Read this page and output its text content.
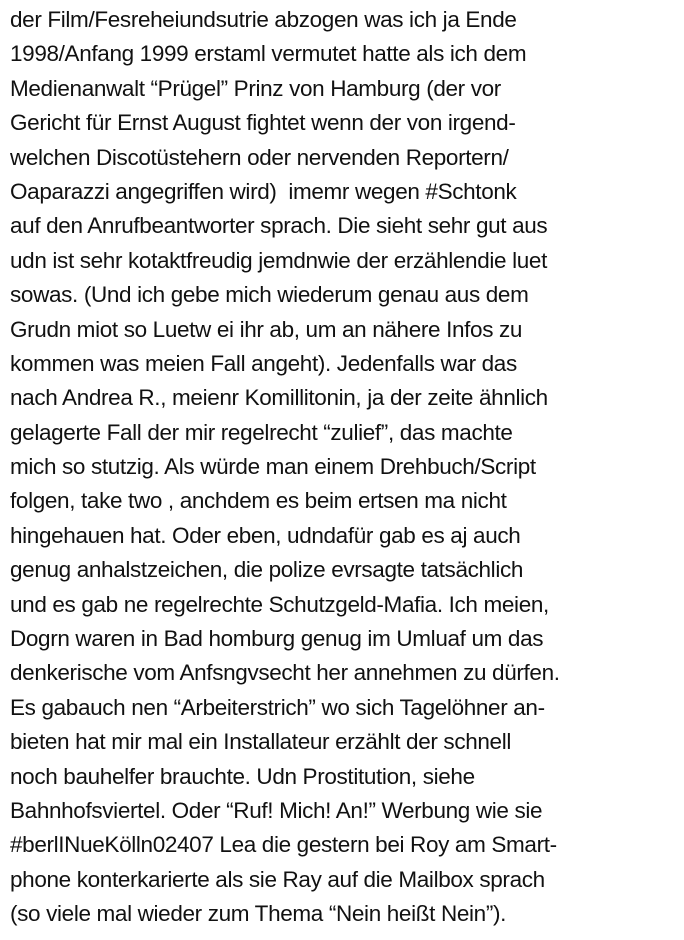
der Film/Fesreheiundsutrie abzogen was ich ja Ende
1998/Anfang 1999 erstaml vermutet hatte als ich dem
Medienanwalt “Prügel” Prinz von Hamburg (der vor
Gericht für Ernst August fightet wenn der von irgend-
welchen Discotüstehern oder nervenden Reportern/
Oaparazzi angegriffen wird)  imemr wegen #Schtonk
auf den Anrufbeantworter sprach. Die sieht sehr gut aus
udn ist sehr kotaktfreudig jemdnwie der erzählendie luet
sowas. (Und ich gebe mich wiederum genau aus dem
Grudn miot so Luetw ei ihr ab, um an nähere Infos zu
kommen was meien Fall angeht). Jedenfalls war das
nach Andrea R., meienr Komillitonin, ja der zeite ähnlich
gelagerte Fall der mir regelrecht “zulief”, das machte
mich so stutzig. Als würde man einem Drehbuch/Script
folgen, take two , anchdem es beim ertsen ma nicht
hingehauen hat. Oder eben, udndafür gab es aj auch
genug anhalstzeichen, die polize evrsagte tatsächlich
und es gab ne regelrechte Schutzgeld-Mafia. Ich meien,
Dogrn waren in Bad homburg genug im Umluaf um das
denkerische vom Anfsngvsecht her annehmen zu dürfen.
Es gabauch nen “Arbeiterstrich” wo sich Tagelöhner an-
bieten hat mir mal ein Installateur erzählt der schnell
noch bauhelfer brauchte. Udn Prostitution, siehe
Bahnhofsviertel. Oder “Ruf! Mich! An!” Werbung wie sie
#berlINueKölln02407 Lea die gestern bei Roy am Smart-
phone konterkarierte als sie Ray auf die Mailbox sprach
(so viele mal wieder zum Thema “Nein heißt Nein”).
